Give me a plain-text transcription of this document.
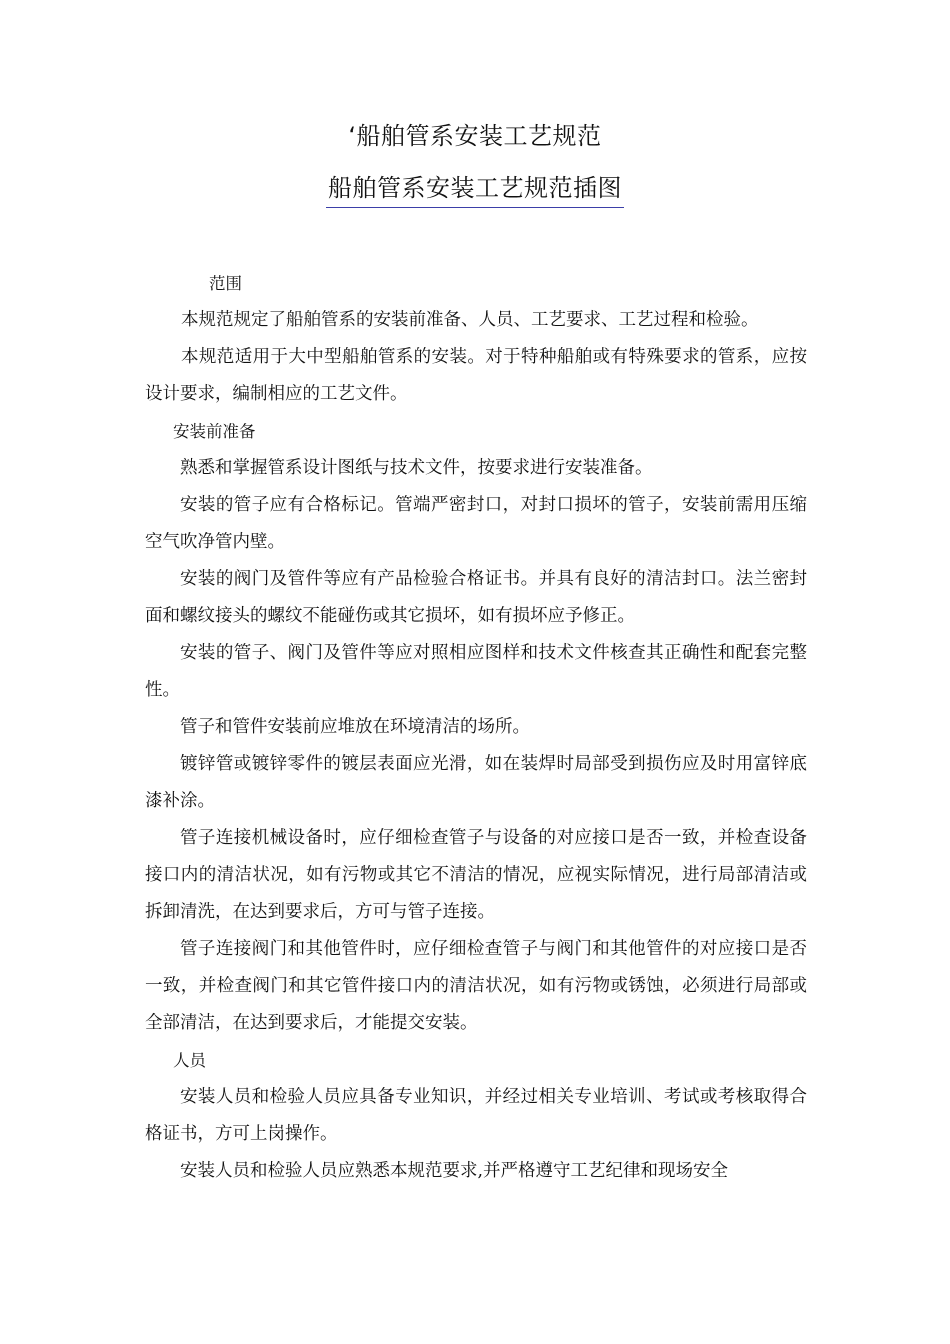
‘船舶管系安装工艺规范
船舶管系安装工艺规范插图
范围
本规范规定了船舶管系的安装前准备、人员、工艺要求、工艺过程和检验。
本规范适用于大中型船舶管系的安装。对于特种船舶或有特殊要求的管系，应按设计要求，编制相应的工艺文件。
安装前准备
熟悉和掌握管系设计图纸与技术文件，按要求进行安装准备。
安装的管子应有合格标记。管端严密封口，对封口损坏的管子，安装前需用压缩空气吹净管内壁。
安装的阀门及管件等应有产品检验合格证书。并具有良好的清洁封口。法兰密封面和螺纹接头的螺纹不能碰伤或其它损坏，如有损坏应予修正。
安装的管子、阀门及管件等应对照相应图样和技术文件核查其正确性和配套完整性。
管子和管件安装前应堆放在环境清洁的场所。
镀锌管或镀锌零件的镀层表面应光滑，如在装焊时局部受到损伤应及时用富锌底漆补涂。
管子连接机械设备时，应仔细检查管子与设备的对应接口是否一致，并检查设备接口内的清洁状况，如有污物或其它不清洁的情况，应视实际情况，进行局部清洁或拆卸清洗，在达到要求后，方可与管子连接。
管子连接阀门和其他管件时，应仔细检查管子与阀门和其他管件的对应接口是否一致，并检查阀门和其它管件接口内的清洁状况，如有污物或锈蚀，必须进行局部或全部清洁，在达到要求后，才能提交安装。
人员
安装人员和检验人员应具备专业知识，并经过相关专业培训、考试或考核取得合格证书，方可上岗操作。
安装人员和检验人员应熟悉本规范要求,并严格遵守工艺纪律和现场安全
